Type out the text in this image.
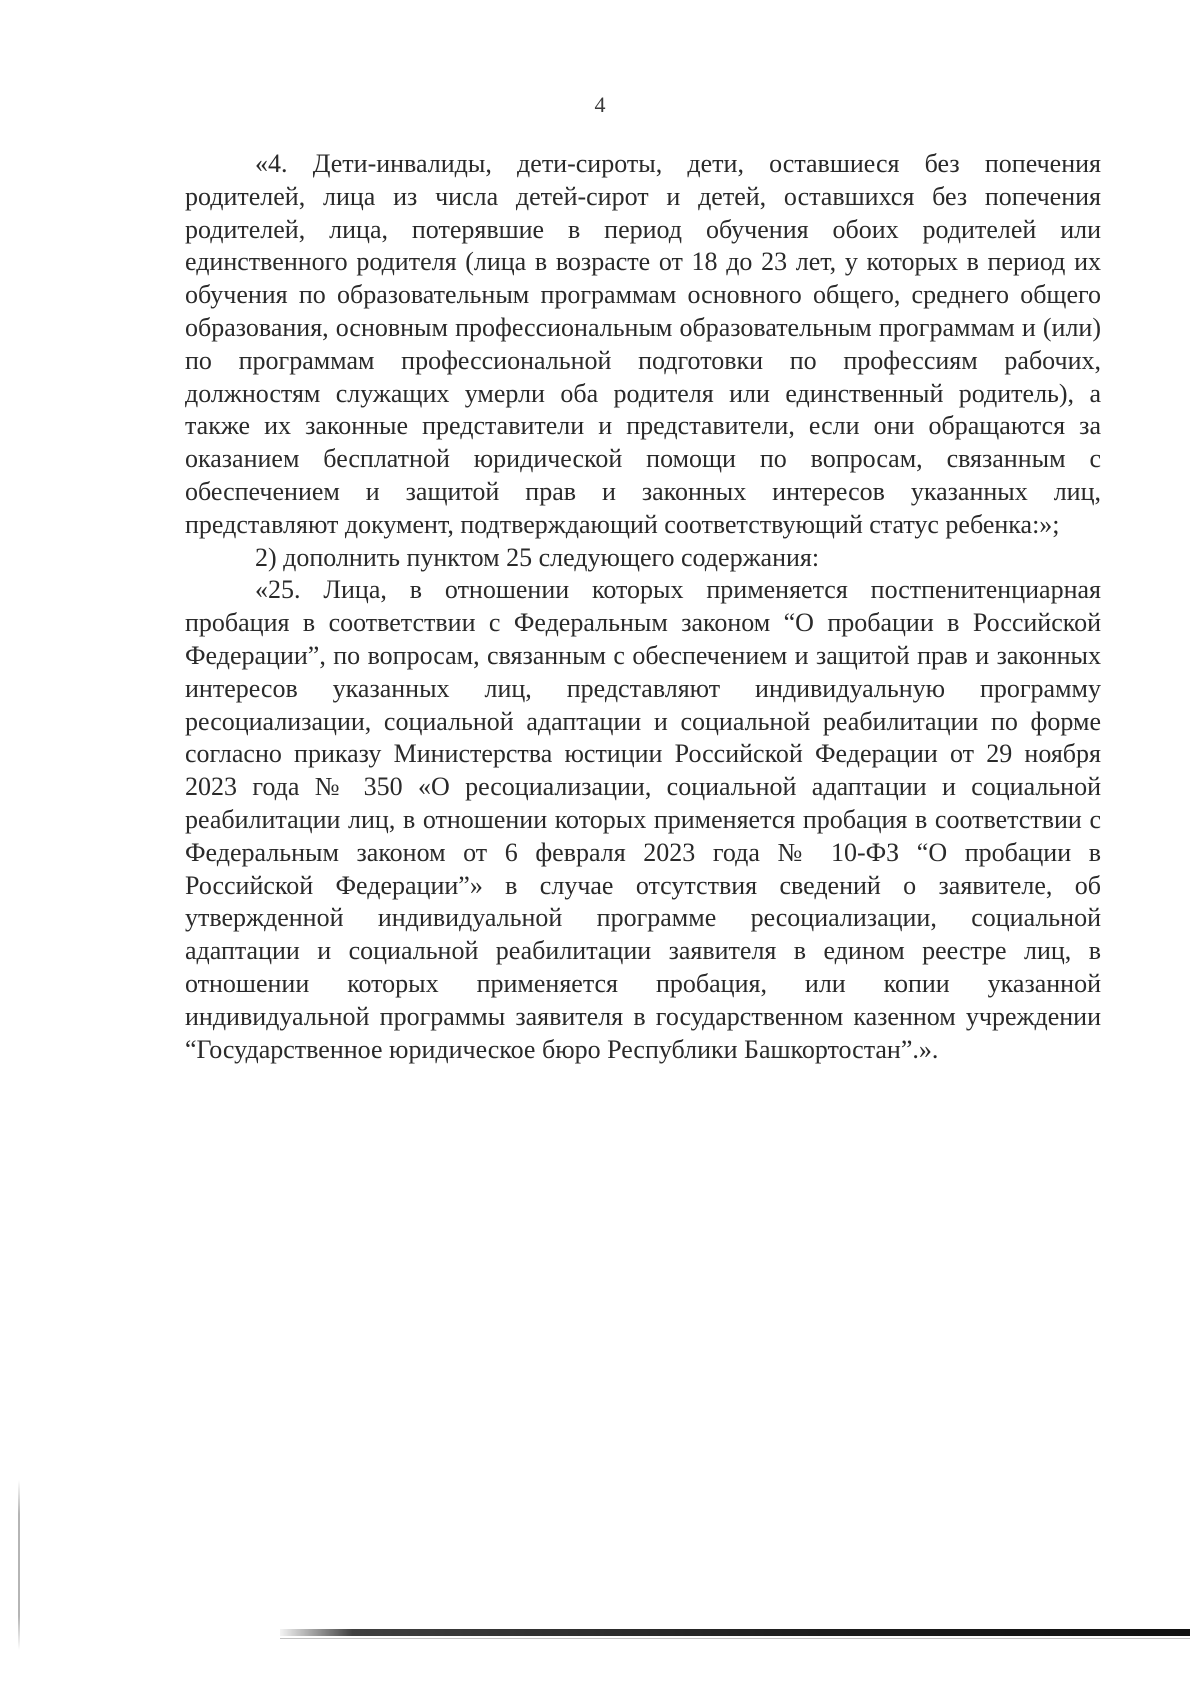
4

«4. Дети-инвалиды, дети-сироты, дети, оставшиеся без попечения родителей, лица из числа детей-сирот и детей, оставшихся без попечения родителей, лица, потерявшие в период обучения обоих родителей или единственного родителя (лица в возрасте от 18 до 23 лет, у которых в период их обучения по образовательным программам основного общего, среднего общего образования, основным профессиональным образовательным программам и (или) по программам профессиональной подготовки по профессиям рабочих, должностям служащих умерли оба родителя или единственный родитель), а также их законные представители и представители, если они обращаются за оказанием бесплатной юридической помощи по вопросам, связанным с обеспечением и защитой прав и законных интересов указанных лиц, представляют документ, подтверждающий соответствующий статус ребенка:»;

2) дополнить пунктом 25 следующего содержания:

«25. Лица, в отношении которых применяется постпенитенциарная пробация в соответствии с Федеральным законом “О пробации в Российской Федерации”, по вопросам, связанным с обеспечением и защитой прав и законных интересов указанных лиц, представляют индивидуальную программу ресоциализации, социальной адаптации и социальной реабилитации по форме согласно приказу Министерства юстиции Российской Федерации от 29 ноября 2023 года № 350 «О ресоциализации, социальной адаптации и социальной реабилитации лиц, в отношении которых применяется пробация в соответствии с Федеральным законом от 6 февраля 2023 года № 10-ФЗ “О пробации в Российской Федерации”» в случае отсутствия сведений о заявителе, об утвержденной индивидуальной программе ресоциализации, социальной адаптации и социальной реабилитации заявителя в едином реестре лиц, в отношении которых применяется пробация, или копии указанной индивидуальной программы заявителя в государственном казенном учреждении “Государственное юридическое бюро Республики Башкортостан”.».
